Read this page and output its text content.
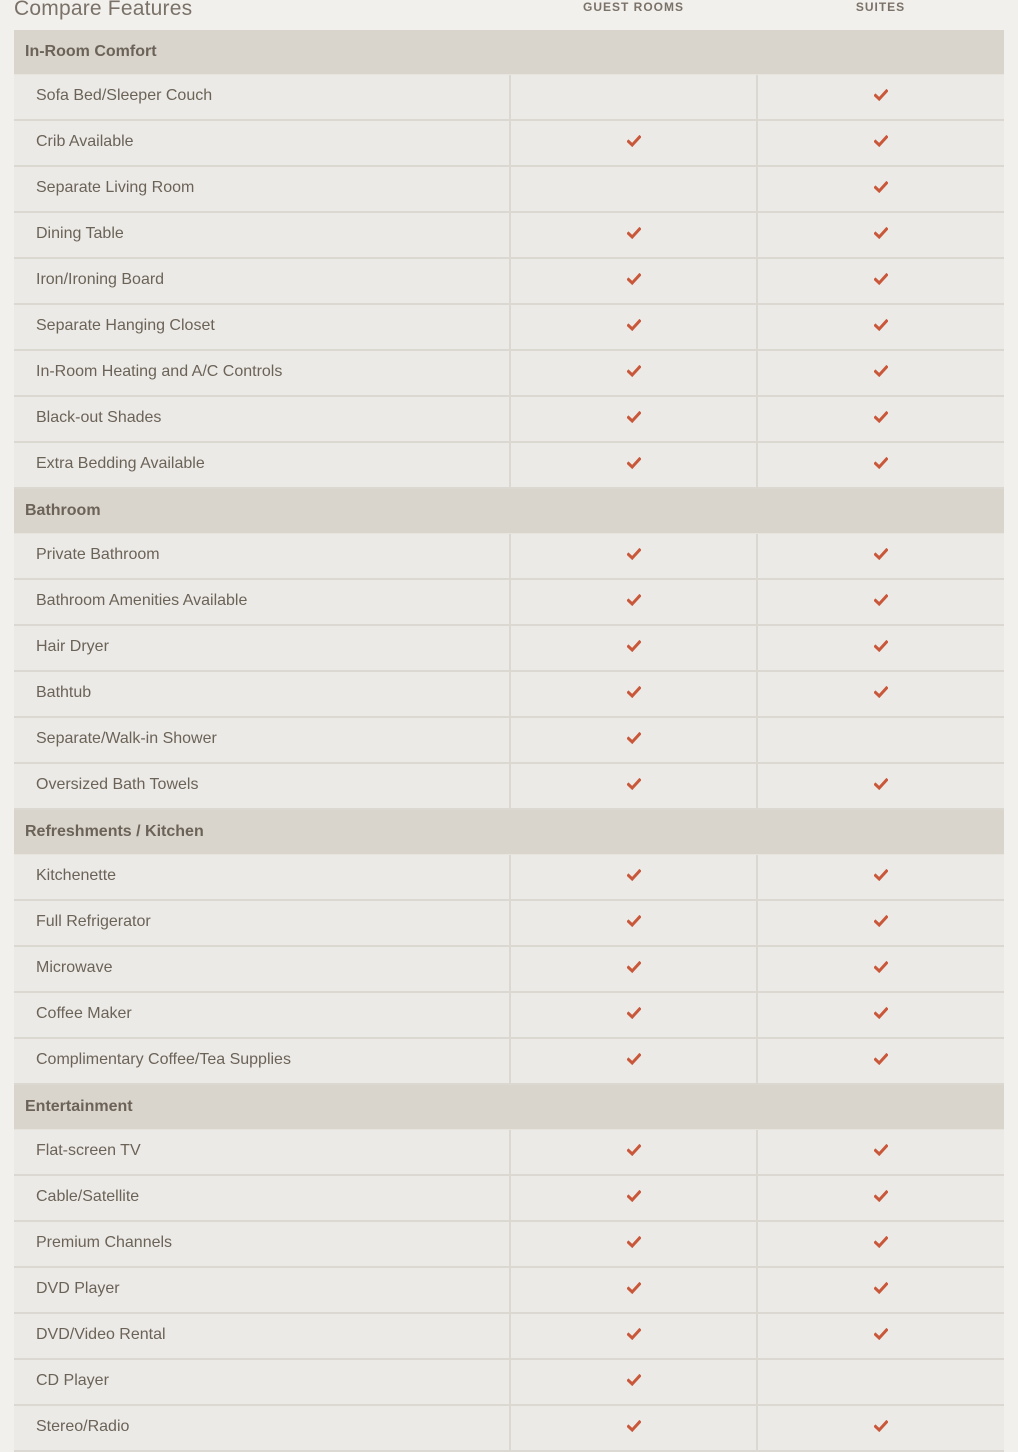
Compare Features	GUEST ROOMS	SUITES
In-Room Comfort
Sofa Bed/Sleeper Couch
Crib Available
Separate Living Room
Dining Table
Iron/Ironing Board
Separate Hanging Closet
In-Room Heating and A/C Controls
Black-out Shades
Extra Bedding Available
Bathroom
Private Bathroom
Bathroom Amenities Available
Hair Dryer
Bathtub
Separate/Walk-in Shower
Oversized Bath Towels
Refreshments / Kitchen
Kitchenette
Full Refrigerator
Microwave
Coffee Maker
Complimentary Coffee/Tea Supplies
Entertainment
Flat-screen TV
Cable/Satellite
Premium Channels
DVD Player
DVD/Video Rental
CD Player
Stereo/Radio
